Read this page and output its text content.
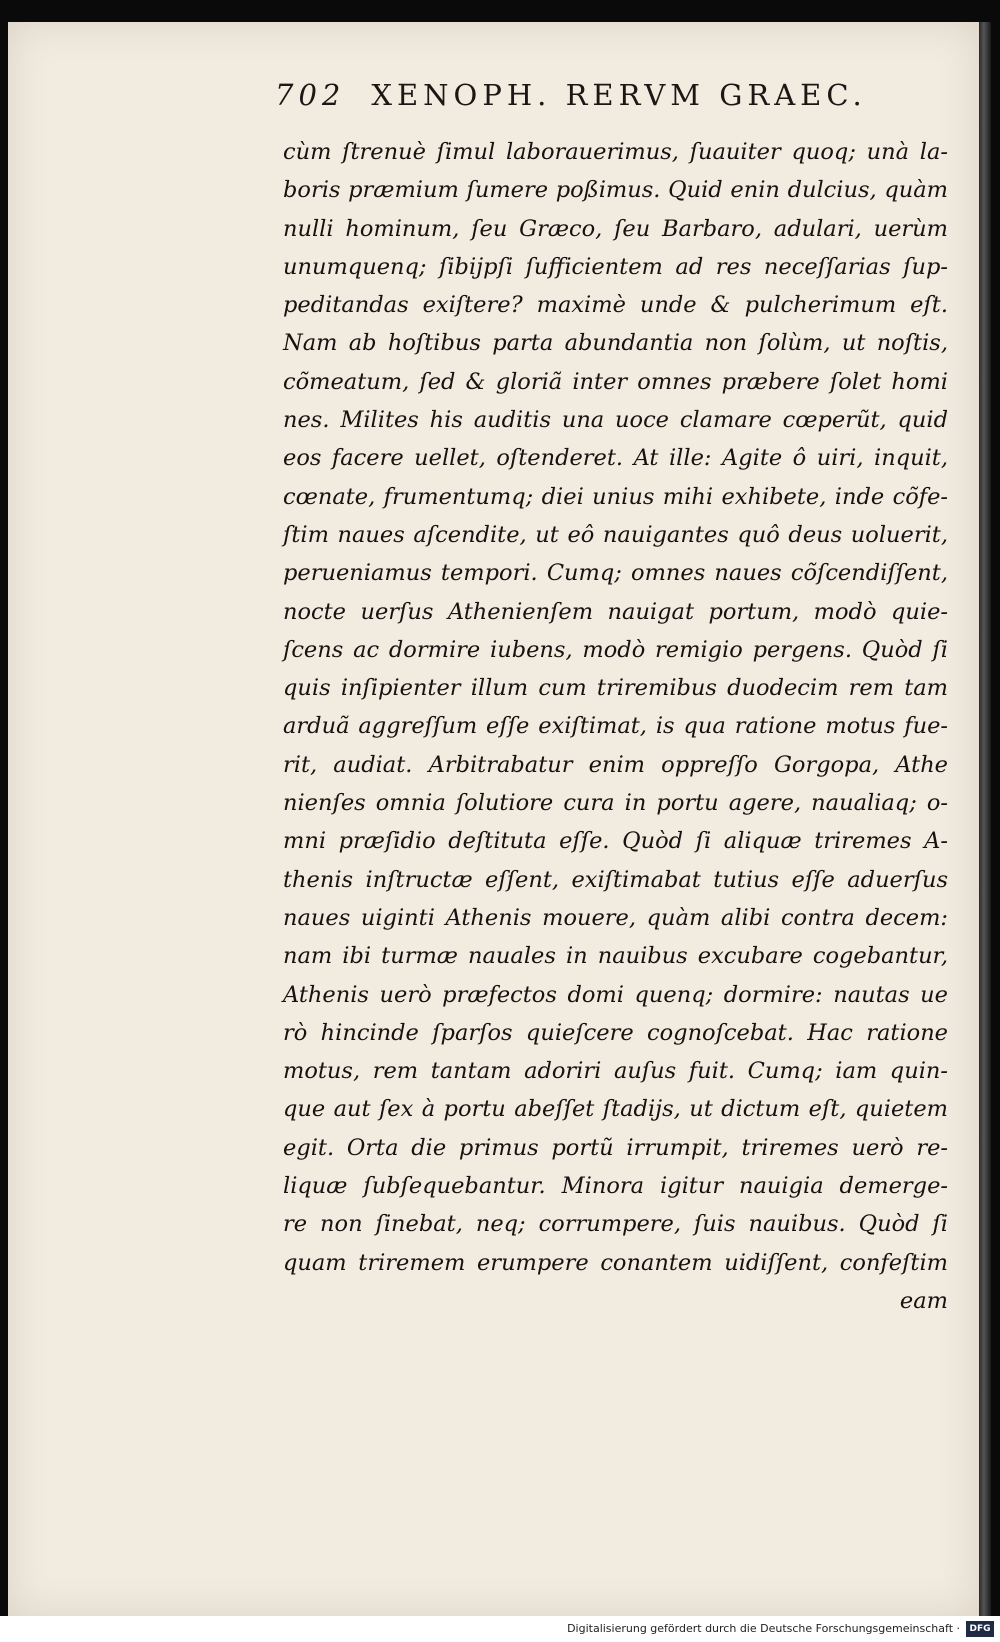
702 XENOPH. RERVM GRAEC.
cùm ſtrenuè ſimul laborauerimus, ſuauiter quoq; unà la-
boris præmium ſumere poßimus. Quid enin dulcius, quàm
nulli hominum, ſeu Græco, ſeu Barbaro, adulari, uerùm
unumquenq; ſibijpſi ſufficientem ad res neceſſarias ſup-
peditandas exiſtere? maximè unde & pulcherimum eſt.
Nam ab hoſtibus parta abundantia non ſolùm, ut noſtis,
cõmeatum, ſed & gloriã inter omnes præbere ſolet homi
nes. Milites his auditis una uoce clamare cœperũt, quid
eos facere uellet, oſtenderet. At ille: Agite ô uiri, inquit,
cœnate, frumentumq; diei unius mihi exhibete, inde cõfe-
ſtim naues aſcendite, ut eô nauigantes quô deus uoluerit,
perueniamus tempori. Cumq; omnes naues cõſcendiſſent,
nocte uerſus Athenienſem nauigat portum, modò quie-
ſcens ac dormire iubens, modò remigio pergens. Quòd ſi
quis inſipienter illum cum triremibus duodecim rem tam
arduã aggreſſum eſſe exiſtimat, is qua ratione motus fue-
rit, audiat. Arbitrabatur enim oppreſſo Gorgopa, Athe
nienſes omnia ſolutiore cura in portu agere, naualiaq; o-
mni præſidio deſtituta eſſe. Quòd ſi aliquæ triremes A-
thenis inſtructæ eſſent, exiſtimabat tutius eſſe aduerſus
naues uiginti Athenis mouere, quàm alibi contra decem:
nam ibi turmæ nauales in nauibus excubare cogebantur,
Athenis uerò præfectos domi quenq; dormire: nautas ue
rò hincinde ſparſos quieſcere cognoſcebat. Hac ratione
motus, rem tantam adoriri auſus fuit. Cumq; iam quin-
que aut ſex à portu abeſſet ſtadijs, ut dictum eſt, quietem
egit. Orta die primus portũ irrumpit, triremes uerò re-
liquæ ſubſequebantur. Minora igitur nauigia demerge-
re non ſinebat, neq; corrumpere, ſuis nauibus. Quòd ſi
quam triremem erumpere conantem uidiſſent, confeſtim
eam
Digitalisierung gefördert durch die Deutsche Forschungsgemeinschaft ·	DFG
